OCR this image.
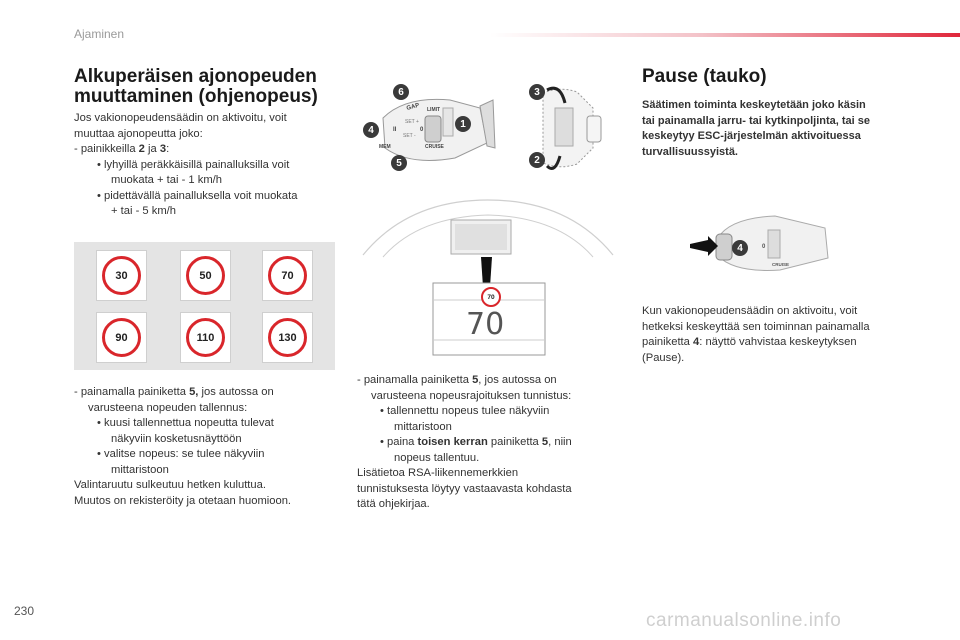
Ajaminen
Alkuperäisen ajonopeuden
muuttaminen (ohjenopeus)

Jos vakionopeudensäädin on aktivoitu, voit

muuttaa ajonopeutta joko:

- painikkeilla 2 ja 3:

• lyhyillä peräkkäisillä painalluksilla voit

muokata + tai - 1 km/h

• pidettävällä painalluksella voit muokata

+ tai - 5 km/h

30	50	70
90	110	130

- painamalla painiketta 5, jos autossa on

varusteena nopeuden tallennus:

• kuusi tallennettua nopeutta tulevat

näkyviin kosketusnäyttöön

• valitse nopeus: se tulee näkyviin

mittaristoon

Valintaruutu sulkeutuu hetken kuluttua.

Muutos on rekisteröity ja otetaan huomioon.

GAP LIMIT
SET +
SET -
II	0
CRUISE
MEM
6
4
5
1
3
2
70
70

- painamalla painiketta 5, jos autossa on

varusteena nopeusrajoituksen tunnistus:

• tallennettu nopeus tulee näkyviin

mittaristoon

• paina toisen kerran painiketta 5, niin

nopeus tallentuu.

Lisätietoa RSA-liikennemerkkien

tunnistuksesta löytyy vastaavasta kohdasta

tätä ohjekirjaa.

Pause (tauko)
Säätimen toiminta keskeytetään joko käsin
tai painamalla jarru- tai kytkinpoljinta, tai se
keskeytyy ESC-järjestelmän aktivoituessa
turvallisuussyistä.
0
CRUISE
4

Kun vakionopeudensäädin on aktivoitu, voit

hetkeksi keskeyttää sen toiminnan painamalla

painiketta 4: näyttö vahvistaa keskeytyksen

(Pause).

230	carmanualsonline.info
